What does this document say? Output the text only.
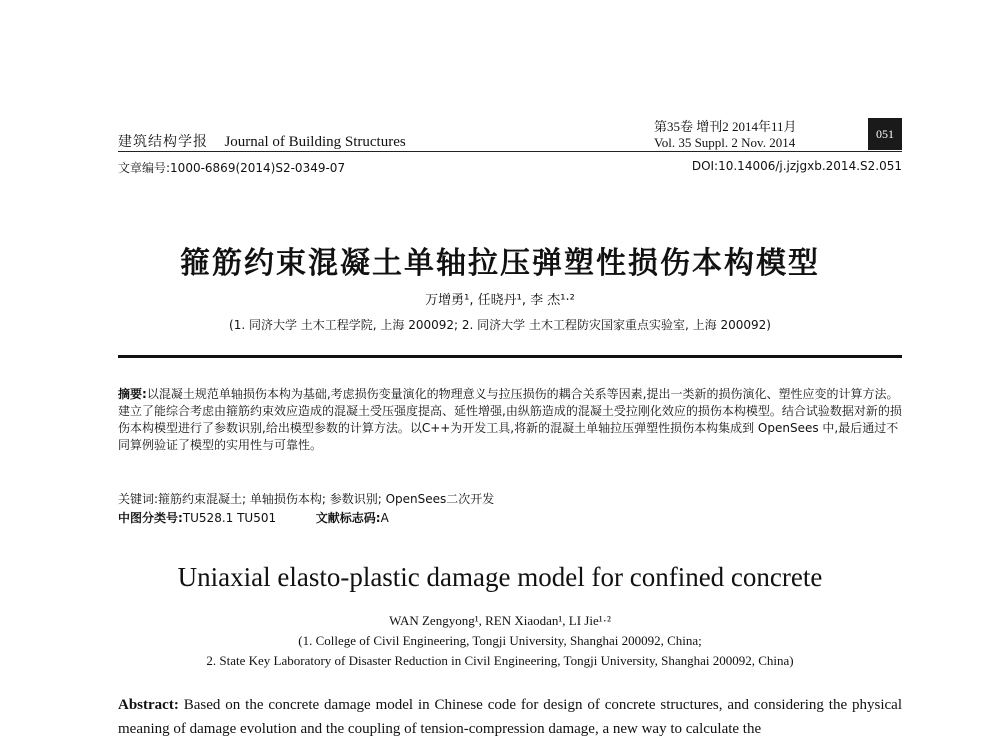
建筑结构学报 Journal of Building Structures
第35卷 增刊2 2014年11月
Vol. 35 Suppl. 2 Nov. 2014
051
文章编号:1000-6869(2014)S2-0349-07	DOI:10.14006/j.jzjgxb.2014.S2.051
箍筋约束混凝土单轴拉压弹塑性损伤本构模型
万增勇¹, 任晓丹¹, 李 杰¹·²
(1. 同济大学 土木工程学院, 上海 200092; 2. 同济大学 土木工程防灾国家重点实验室, 上海 200092)
摘要:以混凝土规范单轴损伤本构为基础,考虑损伤变量演化的物理意义与拉压损伤的耦合关系等因素,提出一类新的损伤演化、塑性应变的计算方法。建立了能综合考虑由箍筋约束效应造成的混凝土受压强度提高、延性增强,由纵筋造成的混凝土受拉刚化效应的损伤本构模型。结合试验数据对新的损伤本构模型进行了参数识别,给出模型参数的计算方法。以C++为开发工具,将新的混凝土单轴拉压弹塑性损伤本构集成到 OpenSees 中,最后通过不同算例验证了模型的实用性与可靠性。
关键词:箍筋约束混凝土; 单轴损伤本构; 参数识别; OpenSees二次开发
中图分类号:TU528.1 TU501	文献标志码:A
Uniaxial elasto-plastic damage model for confined concrete
WAN Zengyong¹, REN Xiaodan¹, LI Jie¹·²
(1. College of Civil Engineering, Tongji University, Shanghai 200092, China;
2. State Key Laboratory of Disaster Reduction in Civil Engineering, Tongji University, Shanghai 200092, China)
Abstract: Based on the concrete damage model in Chinese code for design of concrete structures, and considering the physical meaning of damage evolution and the coupling of tension-compression damage, a new way to calculate the
